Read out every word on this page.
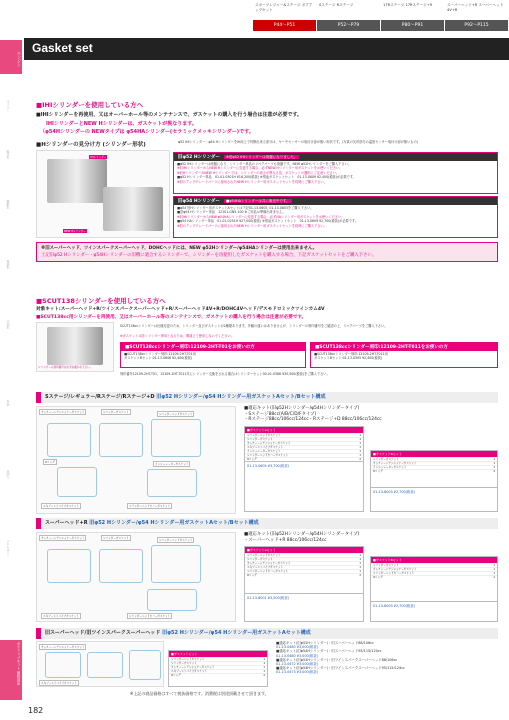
エンジン
マフラー
吸気系
駆動系
電装系
冷却系
外装
足回り
アクセサリー
ボアアップキット 補修部品
スポーツレジャー&ステージ ボアアップキット
P44〜P51
Sステージ Rステージ
P52〜P79
17Rステージ 17Rステージ+9
P80〜P91
スーパーヘッド+R スーパーヘッド4V+R
P92〜P115
Gasket set
■IHIシリンダーを使用している方へ
■IHIシリンダーを再使用、又はオーバーホール等のメンテナンスで、ガスケットの購入を行う場合は注意が必要です。
IHIシリンダーとNEW Hシリンダーは、ガスケットが異なります。
（φ54Hシリンダーの NEWタイプは φ54HAシリンダー(セラミックメッキシリンダー)です。
■Hシリンダーの見分け方 (シリンダー形状)	φ52 IHIシリンダー・φ54 HシリンダーをIH用上で判断出来る部分は、ヤーモセンサーの取付け部が無い形状です。(写真の矢印部分の温度センサー取付け部が無いもの)
IHIシリンダー
NEW Hシリンダー
旧φ52 Hシリンダー ※旧φ52 IHIシリンダーは廃盤になりました。
■φ52 IHIシリンダーは廃盤になり、シリンダー単品のリペアパーツも廃盤です。NEW φ52Hシリンダーをご購入下さい。
※旧IHIシリンダーからNEW Hシリンダーに変更する場合、必ずNEW Hシリンダー用ガスケットをお使いください。
※旧Hシリンダー＆NEW Hシリンダーでは、シリンダーの高さが異なる為、ガスケットの選択にご注意ください。
■φ52 Hシリンダー単品　01-01-0301H ¥16,200(税抜) ※別途ガスケットセット　01-13-0609 ¥2,400(税抜)が必要です。
※旧のアップグレードパーツに採用されたNEW Hシリンダー用ガスケットセットを同時にご購入下さい。
旧φ54 Hシリンダー ■φ54HAシリンダーは共に販売中です。
■φ54 旧Hシリンダー用ガスケットAセットは下記01-13-0605, 01-13-0803をご購入下さい。
■旧φ54 Hシリンダー単品　12101-GN5-100 ※ご用品は準備出来ません。
※旧IHIシリンダーからNEW φ54HAシリンダーに変更する場合、必ずHAシリンダー用ガスケットをお使いください。
■φ54 HAシリンダー単品　01-01-0251H ¥27,000(税抜) ※別途ガスケットセット　01-13-0609 ¥2,700(税抜)が必要です。
※旧のアップグレードパーツに採用されたNEW Hシリンダー用ガスケットセットを同時にご購入下さい。
※旧スーパーヘッド、ツインスパークスーパーヘッド、DOHCヘッドには、NEW φ52Hシリンダー/φ54HAシリンダーは使用出来ません。
上記旧φ52 Hシリンダー・φ54Hシリンダーの旧機に適合するシリンダーで、シリンダーを再使用したガスケットを購入する場合、下記ガスケットセットをご購入下さい。
■SCUT138シリンダーを使用している方へ
対象キット:スーパーヘッド+R/ツインスパークスーパーヘッド+R/スーパーヘッド4V+R/DOHC4Vヘッド/デスモドロミックツインカム4V
■SCUT138cc用シリンダーを再使用、又はオーバーホール等のメンテナンスで、ガスケットの購入を行う場合は注意が必要です。
シリンダーの刻印番号を必ずお確かめ下さい。
SCUT138ccシリンダーは仕様変更のため、シリンダー及びガスケットが2種類あります。外観の違いはありませんが、シリンダーの刻印番号をご確認の上、リペアパーツをご購入下さい。
※ガスケットは各シリンダー専用となるため、間違えて使用しないでください。
■SCUT138ccシリンダー刻印:12109-2HT-T01をお使いの方
■SCUT138ccシリンダー刻印:12109-2HT-T01用
ガスケットBセット:01-13-0606 ¥2,400(税抜)
■SCUT138ccシリンダー刻印:12109-2HT-T011をお使いの方
■SCUT138ccシリンダー刻印:12109-2HT-T011用
ガスケットBセット:01-13-0305 ¥2,400(税抜)
刻印番号12109-2HT-T01、12109-2HT-T011共にシリンダー交換をされる場合はシリンダーセット00-01-0386 ¥30,500(税抜)をご購入下さい。
Sステージ/レギュラー/Rステージ/Rステージ+D 旧φ52 Hシリンダー/φ54 Hシリンダー用ガスケットAセット/Bセット構成
カムチェーンテンショナーガスケット	シリンダーガスケット
シリンダーヘッドガスケット
Oリング
インシュレーターガスケット
エキゾーストパイプガスケット	シリンダーヘッドカバーガスケット
■適応キット(旧φ52Hシリンダー/φ54Hシリンダータイプ)
・Sステージ88cc(A/B/C/D/Fタイプ)
・Rステージ88cc/106cc/124cc・Rステージ+D 88cc/106cc/124cc
■ガスケットAセット
シリンダーヘッドガスケット	1
シリンダーガスケット	1
カムチェーンテンショナーガスケット	1
エキゾーストパイプガスケット	1
インシュレーターガスケット	1
シリンダーヘッドカバーガスケット	1
Oリング	2
01-13-0605 ¥3,700(税抜)
■ガスケットBセット
シリンダーガスケット	1
カムチェーンテンショナーガスケット	1
インシュレーターガスケット	1
Oリング	2
01-13-8003 ¥2,700(税抜)
スーパーヘッド+R 旧φ52 Hシリンダー/φ54 Hシリンダー用ガスケットAセット/Bセット構成
カムチェーンテンショナーガスケット	シリンダーガスケット
シリンダーヘッドガスケット
エキゾーストパイプガスケット	シリンダーヘッドカバーガスケット
■適応キット(旧φ52Hシリンダー/φ54Hシリンダータイプ)
・スーパーヘッド+R 88cc/106cc/124cc
■ガスケットAセット
シリンダーヘッドガスケット	1
シリンダーガスケット	1
カムチェーンテンショナーガスケット	1
エキゾーストパイプガスケット	1
シリンダーヘッドカバーガスケット	1
Oリング	2
01-13-8001 ¥3,500(税抜)
■ガスケットBセット
シリンダーガスケット	1
カムチェーンテンショナーガスケット	1
シリンダーヘッドカバーガスケット	1
Oリング	2
01-13-8003 ¥2,700(税抜)
旧スーパーヘッド/旧ツインスパークスーパーヘッド 旧φ52 Hシリンダー/φ54 Hシリンダー用ガスケットAセット構成
カムチェーンテンショナーガスケット
エキゾーストパイプガスケット
■ガスケットセット
シリンダーヘッドガスケット	1
シリンダーガスケット	1
カムチェーンテンショナーガスケット	1
エキゾーストパイプガスケット	1
Oリング	2
■適応キット(旧φ52Hシリンダー)・旧スーパーヘッド88/106cc
01-13-0480 ¥3,000(税抜)
■適応キット(旧φ54Hシリンダー)・旧スーパーヘッド95/115/124cc
01-13-0480 ¥3,000(税抜)
■適応キット(旧φ52Hシリンダー)・旧ツインスパークスーパーヘッド88/106cc
01-13-0472 ¥3,000(税抜)
■適応キット(旧φ54Hシリンダー)・旧ツインスパークスーパーヘッド95/115/124cc
01-13-0473 ¥3,000(税抜)
※上記の商品価格はすべて税抜価格です。消費税は別途頂戴させて頂きます。
182
